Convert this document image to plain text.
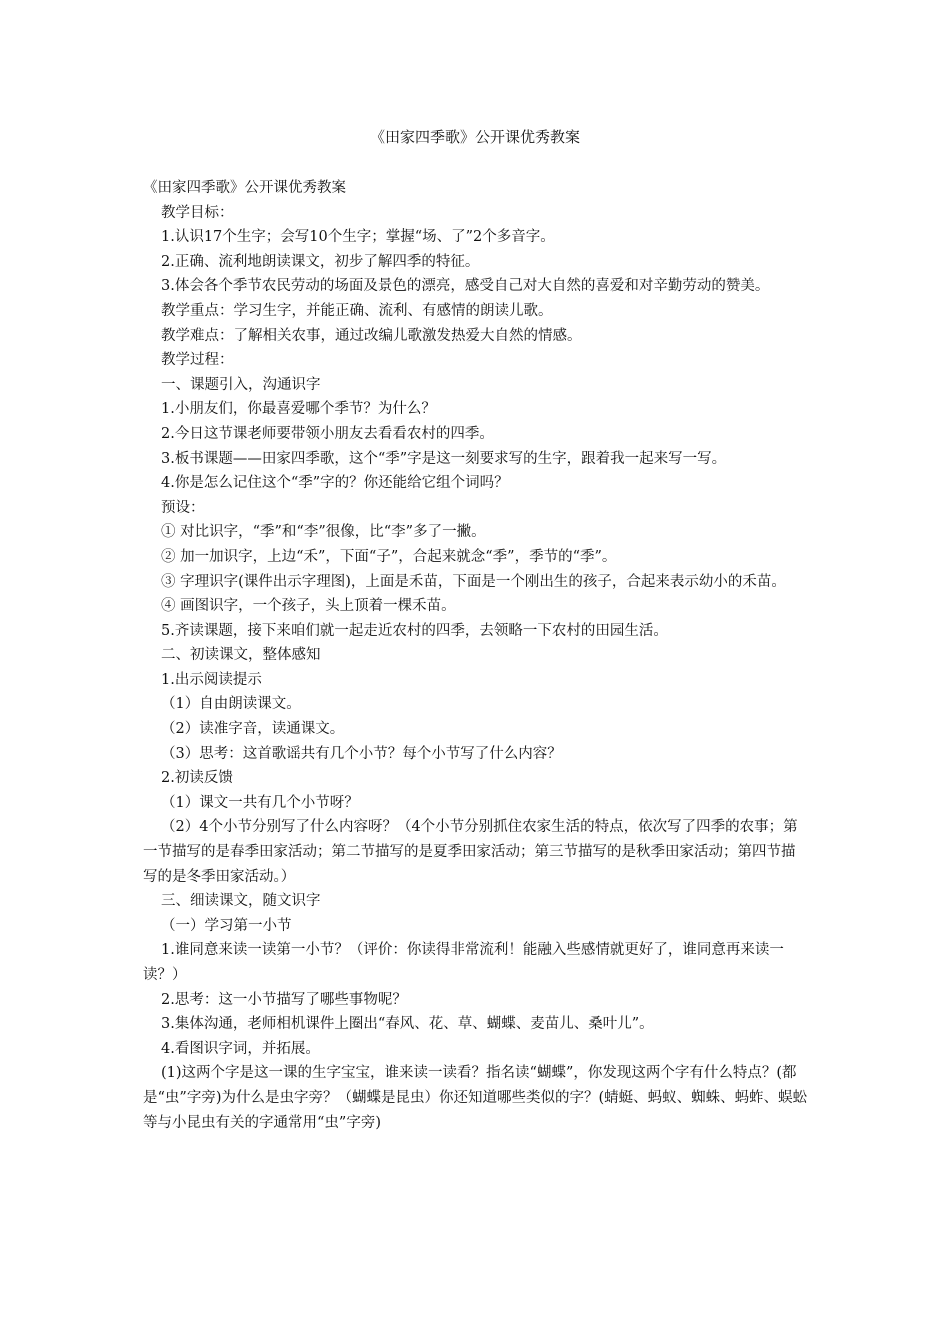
《田家四季歌》公开课优秀教案

《田家四季歌》公开课优秀教案

教学目标：

1.认识17个生字；会写10个生字；掌握“场、了”2个多音字。

2.正确、流利地朗读课文，初步了解四季的特征。

3.体会各个季节农民劳动的场面及景色的漂亮，感受自己对大自然的喜爱和对辛勤劳动的赞美。

教学重点：学习生字，并能正确、流利、有感情的朗读儿歌。

教学难点：了解相关农事，通过改编儿歌激发热爱大自然的情感。

教学过程：

一、课题引入，沟通识字

1.小朋友们，你最喜爱哪个季节？为什么？

2.今日这节课老师要带领小朋友去看看农村的四季。

3.板书课题——田家四季歌，这个“季”字是这一刻要求写的生字，跟着我一起来写一写。

4.你是怎么记住这个“季”字的？你还能给它组个词吗？

预设：

① 对比识字，“季”和“李”很像，比“李”多了一撇。

② 加一加识字，上边“禾”，下面“子”，合起来就念“季”，季节的“季”。

③ 字理识字(课件出示字理图)，上面是禾苗，下面是一个刚出生的孩子，合起来表示幼小的禾苗。

④ 画图识字，一个孩子，头上顶着一棵禾苗。

5.齐读课题，接下来咱们就一起走近农村的四季，去领略一下农村的田园生活。

二、初读课文，整体感知

1.出示阅读提示

（1）自由朗读课文。

（2）读准字音，读通课文。

（3）思考：这首歌谣共有几个小节？每个小节写了什么内容？

2.初读反馈

（1）课文一共有几个小节呀？

（2）4个小节分别写了什么内容呀？（4个小节分别抓住农家生活的特点，依次写了四季的农事；第一节描写的是春季田家活动；第二节描写的是夏季田家活动；第三节描写的是秋季田家活动；第四节描写的是冬季田家活动。）

三、细读课文，随文识字

（一）学习第一小节

1.谁同意来读一读第一小节？（评价：你读得非常流利！能融入些感情就更好了，谁同意再来读一读？）

2.思考：这一小节描写了哪些事物呢？

3.集体沟通，老师相机课件上圈出“春风、花、草、蝴蝶、麦苗儿、桑叶儿”。

4.看图识字词，并拓展。

(1)这两个字是这一课的生字宝宝，谁来读一读看？指名读“蝴蝶”，你发现这两个字有什么特点？(都是“虫”字旁)为什么是虫字旁？（蝴蝶是昆虫）你还知道哪些类似的字？(蜻蜓、蚂蚁、蜘蛛、蚂蚱、蜈蚣等与小昆虫有关的字通常用“虫”字旁)
